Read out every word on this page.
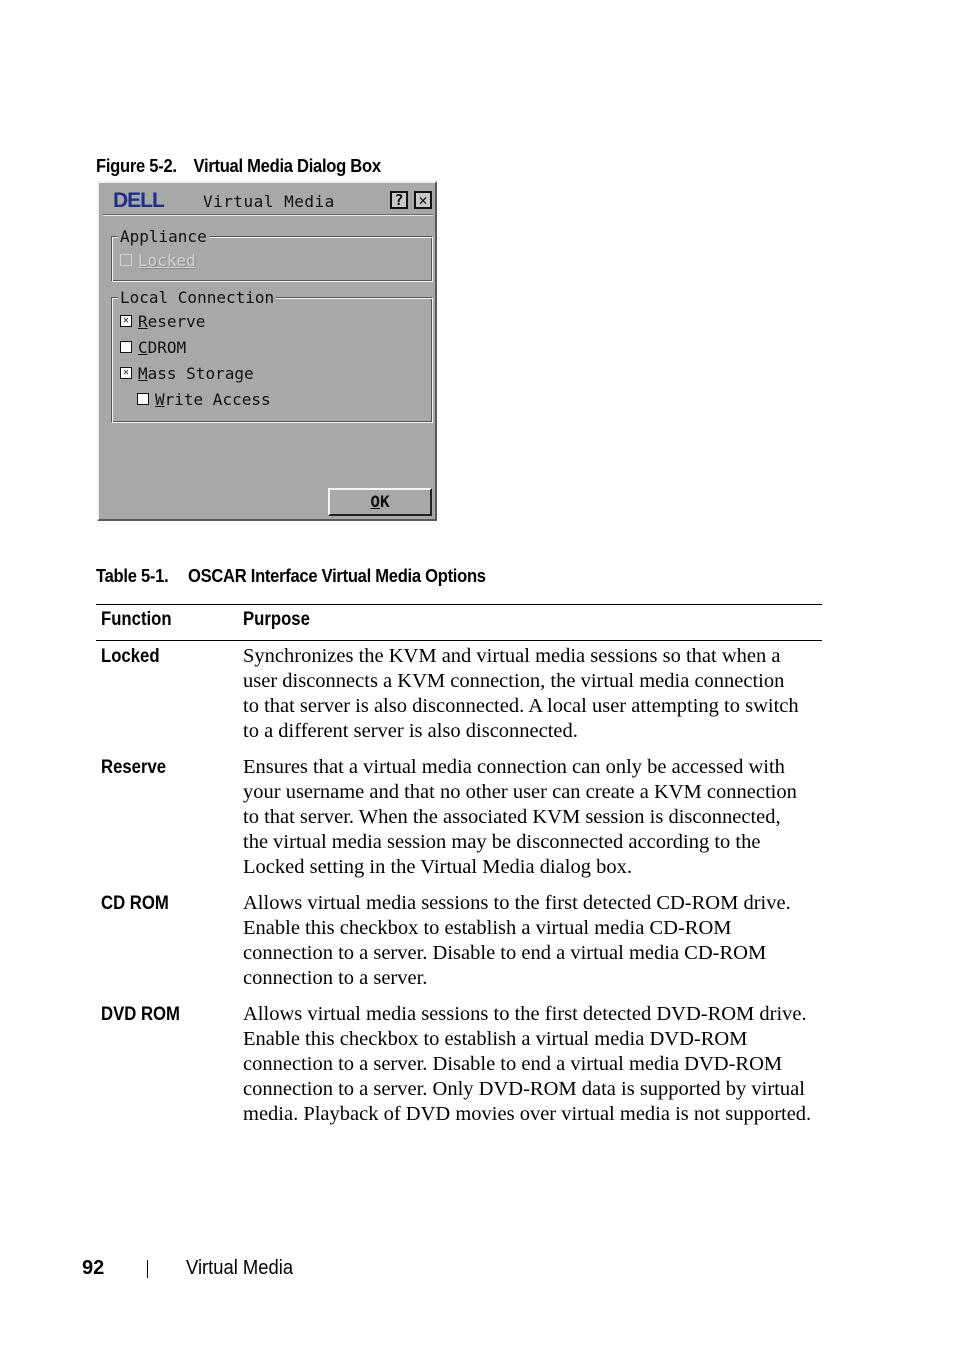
Figure 5-2. Virtual Media Dialog Box
DELL Virtual Media	? ✕
Appliance
Locked
Local Connection
✕Reserve
CDROM
✕Mass Storage
Write Access
OK
Table 5-1. OSCAR Interface Virtual Media Options
Function	Purpose
Locked	Synchronizes the KVM and virtual media sessions so that when a
user disconnects a KVM connection, the virtual media connection
to that server is also disconnected. A local user attempting to switch
to a different server is also disconnected.
Reserve	Ensures that a virtual media connection can only be accessed with
your username and that no other user can create a KVM connection
to that server. When the associated KVM session is disconnected,
the virtual media session may be disconnected according to the
Locked setting in the Virtual Media dialog box.
CD ROM	Allows virtual media sessions to the first detected CD-ROM drive.
Enable this checkbox to establish a virtual media CD-ROM
connection to a server. Disable to end a virtual media CD-ROM
connection to a server.
DVD ROM	Allows virtual media sessions to the first detected DVD-ROM drive.
Enable this checkbox to establish a virtual media DVD-ROM
connection to a server. Disable to end a virtual media DVD-ROM
connection to a server. Only DVD-ROM data is supported by virtual
media. Playback of DVD movies over virtual media is not supported.
92	Virtual Media
